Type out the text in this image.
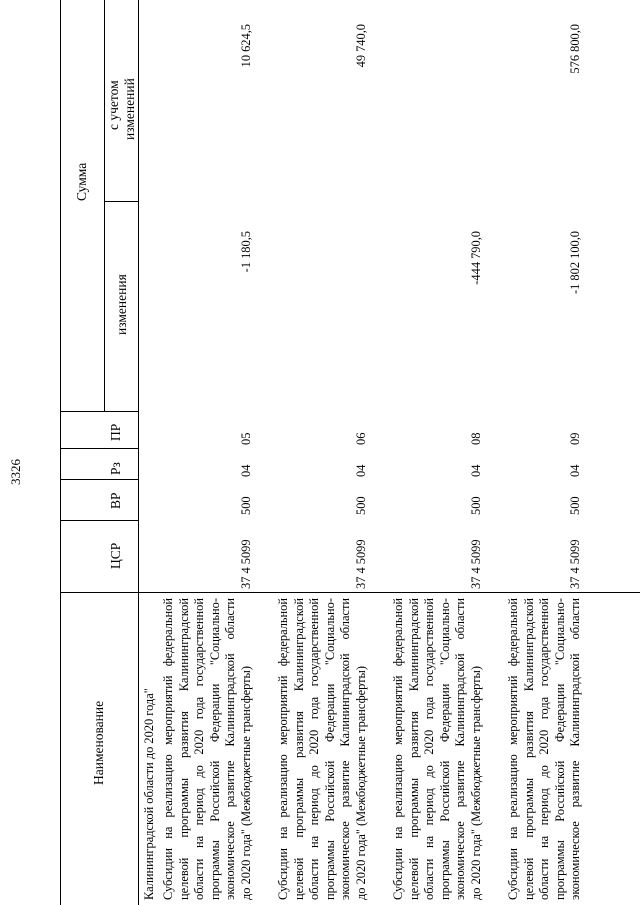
3326
Наименование
ЦСР
ВР
Рз
ПР
Сумма
изменения
с учетом изменений
Калининградской области до 2020 года" Субсидии на реализацию мероприятий федеральной целевой программы развития Калининградской области на период до 2020 года государственной программы Российской Федерации "Социально- экономическое развитие Калининградской области до 2020 года" (Межбюджетные трансферты)
37 4 5099
500
04
05
-1 180,5
10 624,5
Субсидии на реализацию мероприятий федеральной целевой программы развития Калининградской области на период до 2020 года государственной программы Российской Федерации "Социально- экономическое развитие Калининградской области до 2020 года" (Межбюджетные трансферты)
37 4 5099
500
04
06
49 740,0
Субсидии на реализацию мероприятий федеральной целевой программы развития Калининградской области на период до 2020 года государственной программы Российской Федерации "Социально- экономическое развитие Калининградской области до 2020 года" (Межбюджетные трансферты)
37 4 5099
500
04
08
-444 790,0
Субсидии на реализацию мероприятий федеральной целевой программы развития Калининградской области на период до 2020 года государственной программы Российской Федерации "Социально- экономическое развитие Калининградской области
37 4 5099
500
04
09
-1 802 100,0
576 800,0
